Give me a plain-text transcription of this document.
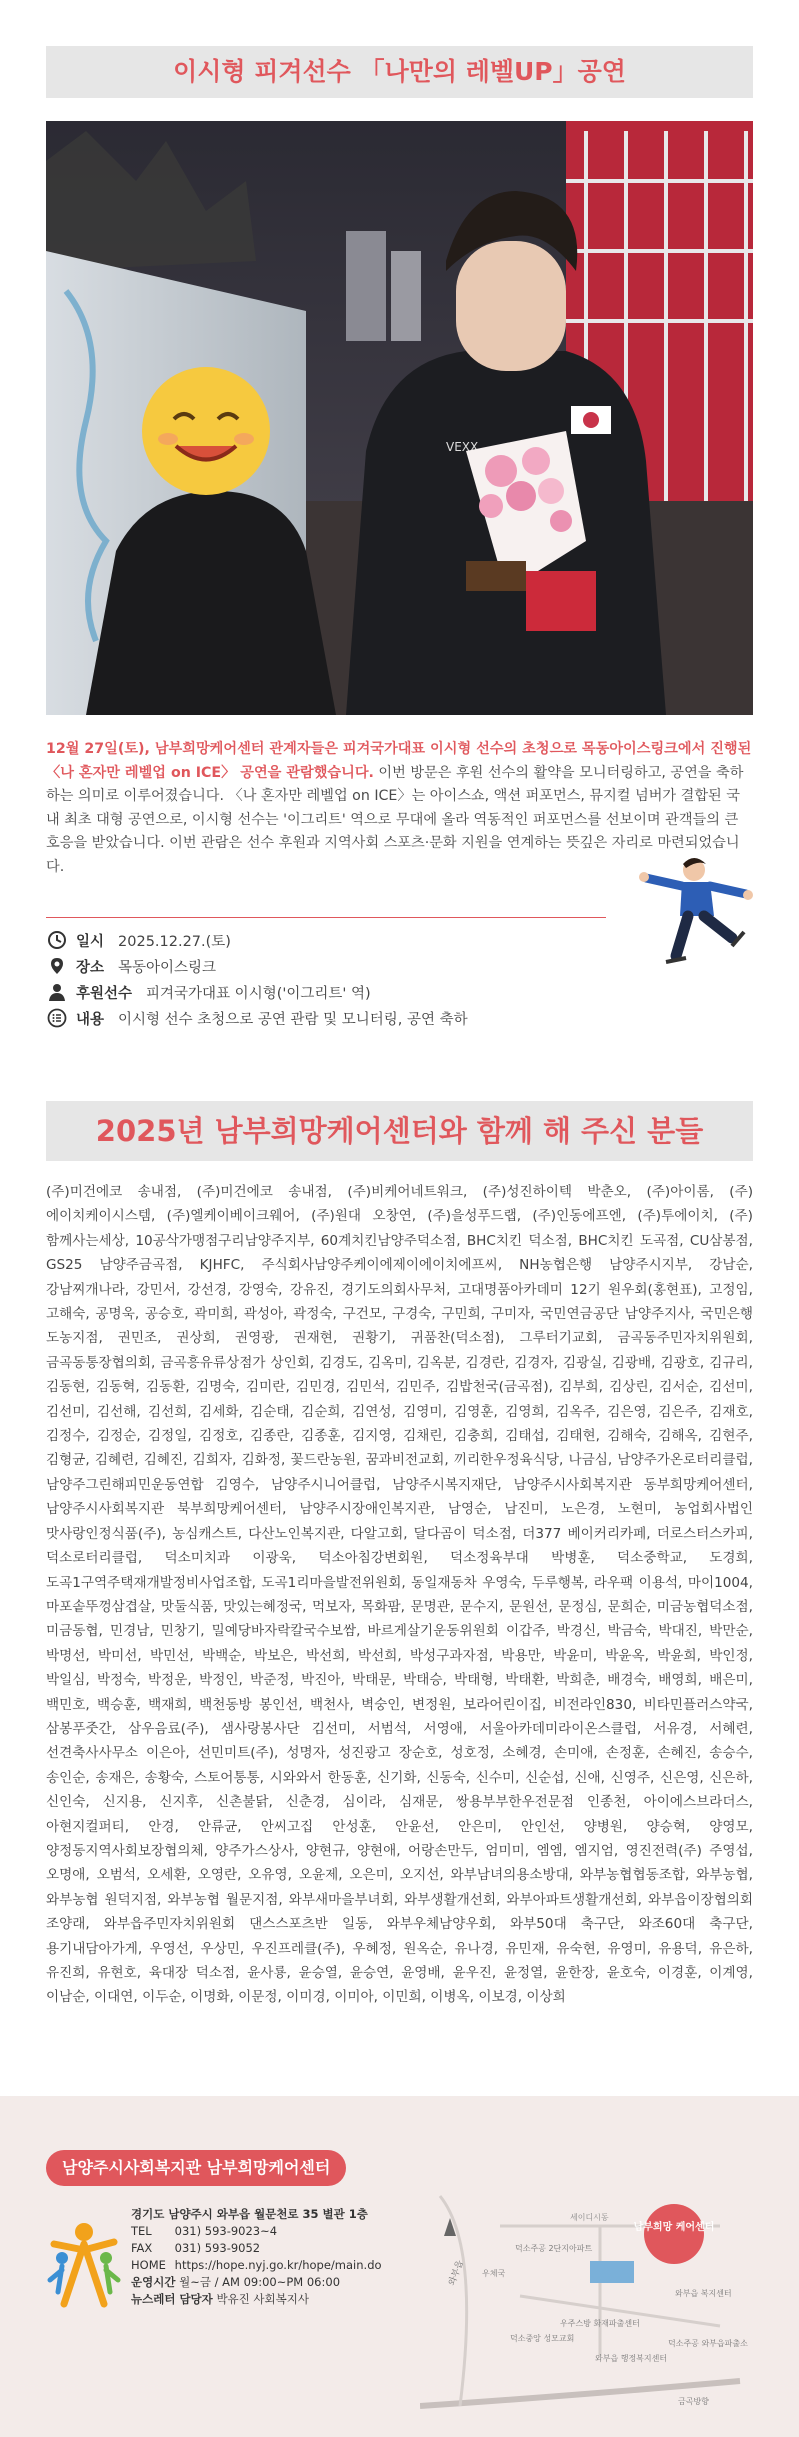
이시형 피겨선수 「나만의 레벨UP」공연
VEXX
12월 27일(토), 남부희망케어센터 관계자들은 피겨국가대표 이시형 선수의 초청으로 목동아이스링크에서 진행된 〈나 혼자만 레벨업 on ICE〉 공연을 관람했습니다. 이번 방문은 후원 선수의 활약을 모니터링하고, 공연을 축하하는 의미로 이루어졌습니다. 〈나 혼자만 레벨업 on ICE〉는 아이스쇼, 액션 퍼포먼스, 뮤지컬 넘버가 결합된 국내 최초 대형 공연으로, 이시형 선수는 '이그리트' 역으로 무대에 올라 역동적인 퍼포먼스를 선보이며 관객들의 큰 호응을 받았습니다. 이번 관람은 선수 후원과 지역사회 스포츠·문화 지원을 연계하는 뜻깊은 자리로 마련되었습니다.
일시 2025.12.27.(토)
장소 목동아이스링크
후원선수 피겨국가대표 이시형('이그리트' 역)
내용 이시형 선수 초청으로 공연 관람 및 모니터링, 공연 축하
2025년 남부희망케어센터와 함께 해 주신 분들
(주)미건에코 송내점, (주)미건에코 송내점, (주)비케어네트워크, (주)성진하이텍 박춘오, (주)아이롬, (주)에이치케이시스템, (주)엘케이베이크웨어, (주)원대 오창연, (주)을성푸드랩, (주)인동에프엔, (주)투에이치, (주)함께사는세상, 10공삭가맹점구리남양주지부, 60계치킨남양주덕소점, BHC치킨 덕소점, BHC치킨 도곡점, CU삼봉점, GS25 남양주금곡점, KJHFC, 주식회사남양주케이에제이에이치에프씨, NH농협은행 남양주시지부, 강남순, 강남찌개나라, 강민서, 강선경, 강영숙, 강유진, 경기도의회사무처, 고대명품아카데미 12기 원우회(홍현표), 고정임, 고해숙, 공명욱, 공승호, 곽미희, 곽성아, 곽정숙, 구건모, 구경숙, 구민희, 구미자, 국민연금공단 남양주지사, 국민은행 도농지점, 권민조, 권상희, 권영광, 권재현, 권황기, 귀품찬(덕소점), 그루터기교회, 금곡동주민자치위원회, 금곡동통장협의회, 금곡흥유류상점가 상인회, 김경도, 김옥미, 김옥분, 김경란, 김경자, 김광실, 김광배, 김광호, 김규리, 김동현, 김동혁, 김동환, 김명숙, 김미란, 김민경, 김민석, 김민주, 김밥천국(금곡점), 김부희, 김상린, 김서순, 김선미, 김선미, 김선해, 김선희, 김세화, 김순태, 김순희, 김연성, 김영미, 김영훈, 김영희, 김옥주, 김은영, 김은주, 김재호, 김정수, 김정순, 김정일, 김정호, 김종란, 김종훈, 김지영, 김채린, 김충희, 김태섭, 김태현, 김해숙, 김해옥, 김현주, 김형균, 김혜련, 김혜진, 김희자, 김화정, 꽃드란농원, 꿈과비전교회, 끼리한우정육식당, 나금심, 남양주가온로터리클럽, 남양주그린해피민운동연합 김영수, 남양주시니어클럽, 남양주시복지재단, 남양주시사회복지관 동부희망케어센터, 남양주시사회복지관 북부희망케어센터, 남양주시장애인복지관, 남영순, 남진미, 노은경, 노현미, 농업회사법인 맛사랑인정식품(주), 농심캐스트, 다산노인복지관, 다알고회, 달다곰이 덕소점, 더377 베이커리카페, 더로스터스카피, 덕소로터리클럽, 덕소미치과 이광욱, 덕소아침강변회원, 덕소정육부대 박병훈, 덕소중학교, 도경희, 도곡1구역주택재개발정비사업조합, 도곡1리마을발전위원회, 동일재동차 우영숙, 두루행복, 라우팩 이용석, 마이1004, 마포솥뚜껑삼겹살, 맛둘식품, 맛있는혜정국, 먹보자, 목화팜, 문명관, 문수지, 문원선, 문정심, 문희순, 미금농협덕소점, 미금동협, 민경남, 민창기, 밀예당바자락칼국수보쌈, 바르게살기운동위원회 이갑주, 박경신, 박금숙, 박대진, 박만순, 박명선, 박미선, 박민선, 박백순, 박보은, 박선희, 박선희, 박성구과자점, 박용만, 박윤미, 박윤옥, 박윤희, 박인정, 박일심, 박정숙, 박정운, 박정인, 박준정, 박진아, 박태문, 박태승, 박태형, 박태환, 박희춘, 배경숙, 배영희, 배은미, 백민호, 백승훈, 백재희, 백천동방 봉인선, 백천사, 벽숭인, 변정원, 보라어린이집, 비전라인830, 비타민플러스약국, 삼봉푸줏간, 삼우음료(주), 샘사랑봉사단 김선미, 서범석, 서영애, 서울아카데미라이온스클럽, 서유경, 서혜련, 선견축사사무소 이은아, 선민미트(주), 성명자, 성진광고 장순호, 성호정, 소혜경, 손미애, 손정훈, 손혜진, 송승수, 송인순, 송재은, 송황숙, 스토어통통, 시와와서 한동훈, 신기화, 신동숙, 신수미, 신순섭, 신애, 신영주, 신은영, 신은하, 신인숙, 신지용, 신지후, 신촌불닭, 신춘경, 심이라, 심재문, 쌍용부부한우전문점 인종천, 아이에스브라더스, 아현지컬퍼티, 안경, 안류균, 안씨고집 안성훈, 안윤선, 안은미, 안인선, 양병원, 양승혁, 양영모, 양정동지역사회보장협의체, 양주가스상사, 양현규, 양현애, 어랑손만두, 엄미미, 엠엠, 엠지엄, 영진전력(주) 주영섭, 오명애, 오범석, 오세환, 오영란, 오유영, 오윤제, 오은미, 오지선, 와부남녀의용소방대, 와부농협협동조합, 와부농협, 와부농협 원덕지점, 와부농협 월문지점, 와부새마을부녀회, 와부생활개선회, 와부아파트생활개선회, 와부읍이장협의회 조양래, 와부읍주민자치위원회 댄스스포츠반 일동, 와부우체남양우회, 와부50대 축구단, 와조60대 축구단, 용기내담아가게, 우영선, 우상민, 우진프레클(주), 우혜정, 원옥순, 유나경, 유민재, 유숙현, 유영미, 유용덕, 유은하, 유진희, 유현호, 육대장 덕소점, 윤사룡, 윤승열, 윤승연, 윤영배, 윤우진, 윤정열, 윤한장, 윤호숙, 이경훈, 이계영, 이남순, 이대연, 이두순, 이명화, 이문정, 이미경, 이미아, 이민희, 이병옥, 이보경, 이상희
남양주시사회복지관 남부희망케어센터
경기도 남양주시 와부읍 월문천로 35 별관 1층
TEL 031) 593-9023~4
FAX 031) 593-9052
HOME https://hope.nyj.go.kr/hope/main.do
운영시간 월~금 / AM 09:00~PM 06:00
뉴스레터 담당자 박유진 사회복지사
와부읍
세이디시동
덕소주공 2단지아파트
우체국
우주스방 화재파출센터
덕소중앙 성모교회
와부읍 복지센터
와부읍 행정복지센터
덕소주공 와부읍파출소
금곡방향
남부희망 케어센터
